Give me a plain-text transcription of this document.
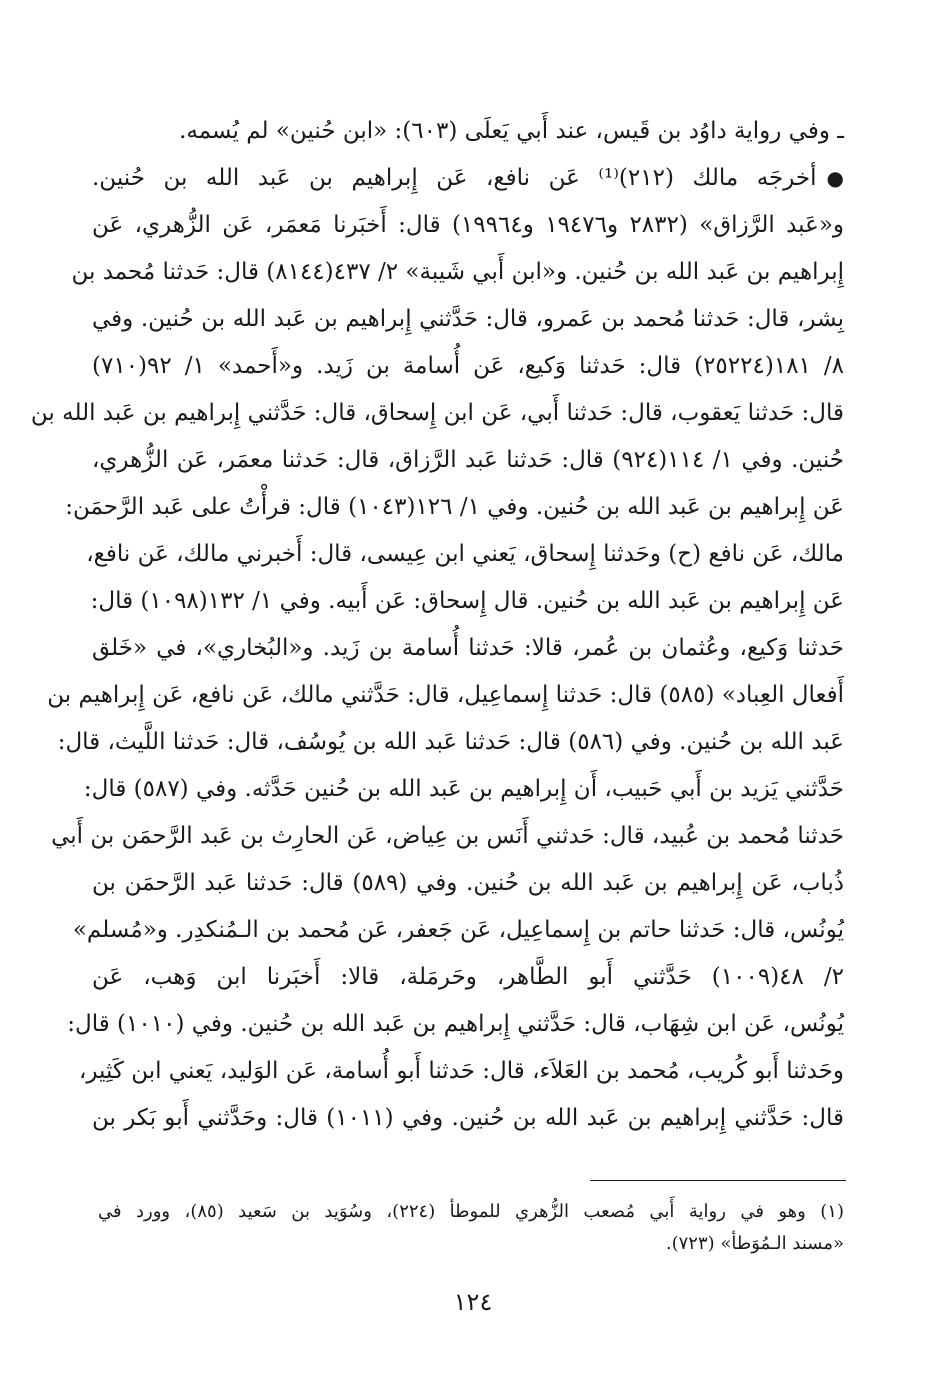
ـ وفي رواية داوُد بن قَيس، عند أَبي يَعلَى (٦٠٣): «ابن حُنين» لم يُسمه.
●أخرجَه مالك (٢١٢)⁽¹⁾ عَن نافع، عَن إِبراهيم بن عَبد الله بن حُنين.
و«عَبد الرَّزاق» (٢٨٣٢ و١٩٤٧٦ و١٩٩٦٤) قال: أَخبَرنا مَعمَر، عَن الزُّهري، عَن
إِبراهيم بن عَبد الله بن حُنين. و«ابن أَبي شَيبة» ٢/ ٤٣٧(٨١٤٤) قال: حَدثنا مُحمد بن
بِشر، قال: حَدثنا مُحمد بن عَمرو، قال: حَدَّثني إِبراهيم بن عَبد الله بن حُنين. وفي
٨/ ١٨١(٢٥٢٢٤) قال: حَدثنا وَكيع، عَن أُسامة بن زَيد. و«أَحمد» ١/ ٩٢(٧١٠)
قال: حَدثنا يَعقوب، قال: حَدثنا أَبي، عَن ابن إِسحاق، قال: حَدَّثني إِبراهيم بن عَبد الله بن
حُنين. وفي ١/ ١١٤(٩٢٤) قال: حَدثنا عَبد الرَّزاق، قال: حَدثنا معمَر، عَن الزُّهري،
عَن إِبراهيم بن عَبد الله بن حُنين. وفي ١/ ١٢٦(١٠٤٣) قال: قرأْتُ على عَبد الرَّحمَن:
مالك، عَن نافع (ح) وحَدثنا إِسحاق، يَعني ابن عِيسى، قال: أَخبرني مالك، عَن نافع،
عَن إِبراهيم بن عَبد الله بن حُنين. قال إِسحاق: عَن أَبيه. وفي ١/ ١٣٢(١٠٩٨) قال:
حَدثنا وَكيع، وعُثمان بن عُمر، قالا: حَدثنا أُسامة بن زَيد. و«البُخاري»، في «خَلق
أَفعال العِباد» (٥٨٥) قال: حَدثنا إِسماعِيل، قال: حَدَّثني مالك، عَن نافع، عَن إِبراهيم بن
عَبد الله بن حُنين. وفي (٥٨٦) قال: حَدثنا عَبد الله بن يُوسُف، قال: حَدثنا اللَّيث، قال:
حَدَّثني يَزيد بن أَبي حَبيب، أَن إِبراهيم بن عَبد الله بن حُنين حَدَّثه. وفي (٥٨٧) قال:
حَدثنا مُحمد بن عُبيد، قال: حَدثني أَنَس بن عِياض، عَن الحارِث بن عَبد الرَّحمَن بن أَبي
ذُباب، عَن إِبراهيم بن عَبد الله بن حُنين. وفي (٥٨٩) قال: حَدثنا عَبد الرَّحمَن بن
يُونُس، قال: حَدثنا حاتم بن إِسماعِيل، عَن جَعفر، عَن مُحمد بن الـمُنكدِر. و«مُسلم»
٢/ ٤٨(١٠٠٩) حَدَّثني أَبو الطَّاهر، وحَرمَلة، قالا: أَخبَرنا ابن وَهب، عَن
يُونُس، عَن ابن شِهَاب، قال: حَدَّثني إِبراهيم بن عَبد الله بن حُنين. وفي (١٠١٠) قال:
وحَدثنا أَبو كُريب، مُحمد بن العَلاَء، قال: حَدثنا أَبو أُسامة، عَن الوَليد، يَعني ابن كَثِير،
قال: حَدَّثني إِبراهيم بن عَبد الله بن حُنين. وفي (١٠١١) قال: وحَدَّثني أَبو بَكر بن
(١) وهو في رواية أَبي مُصعب الزُّهري للموطأ (٢٢٤)، وسُوَيد بن سَعيد (٨٥)، وورد في
«مسند الـمُوَطأ» (٧٢٣).
١٢٤
